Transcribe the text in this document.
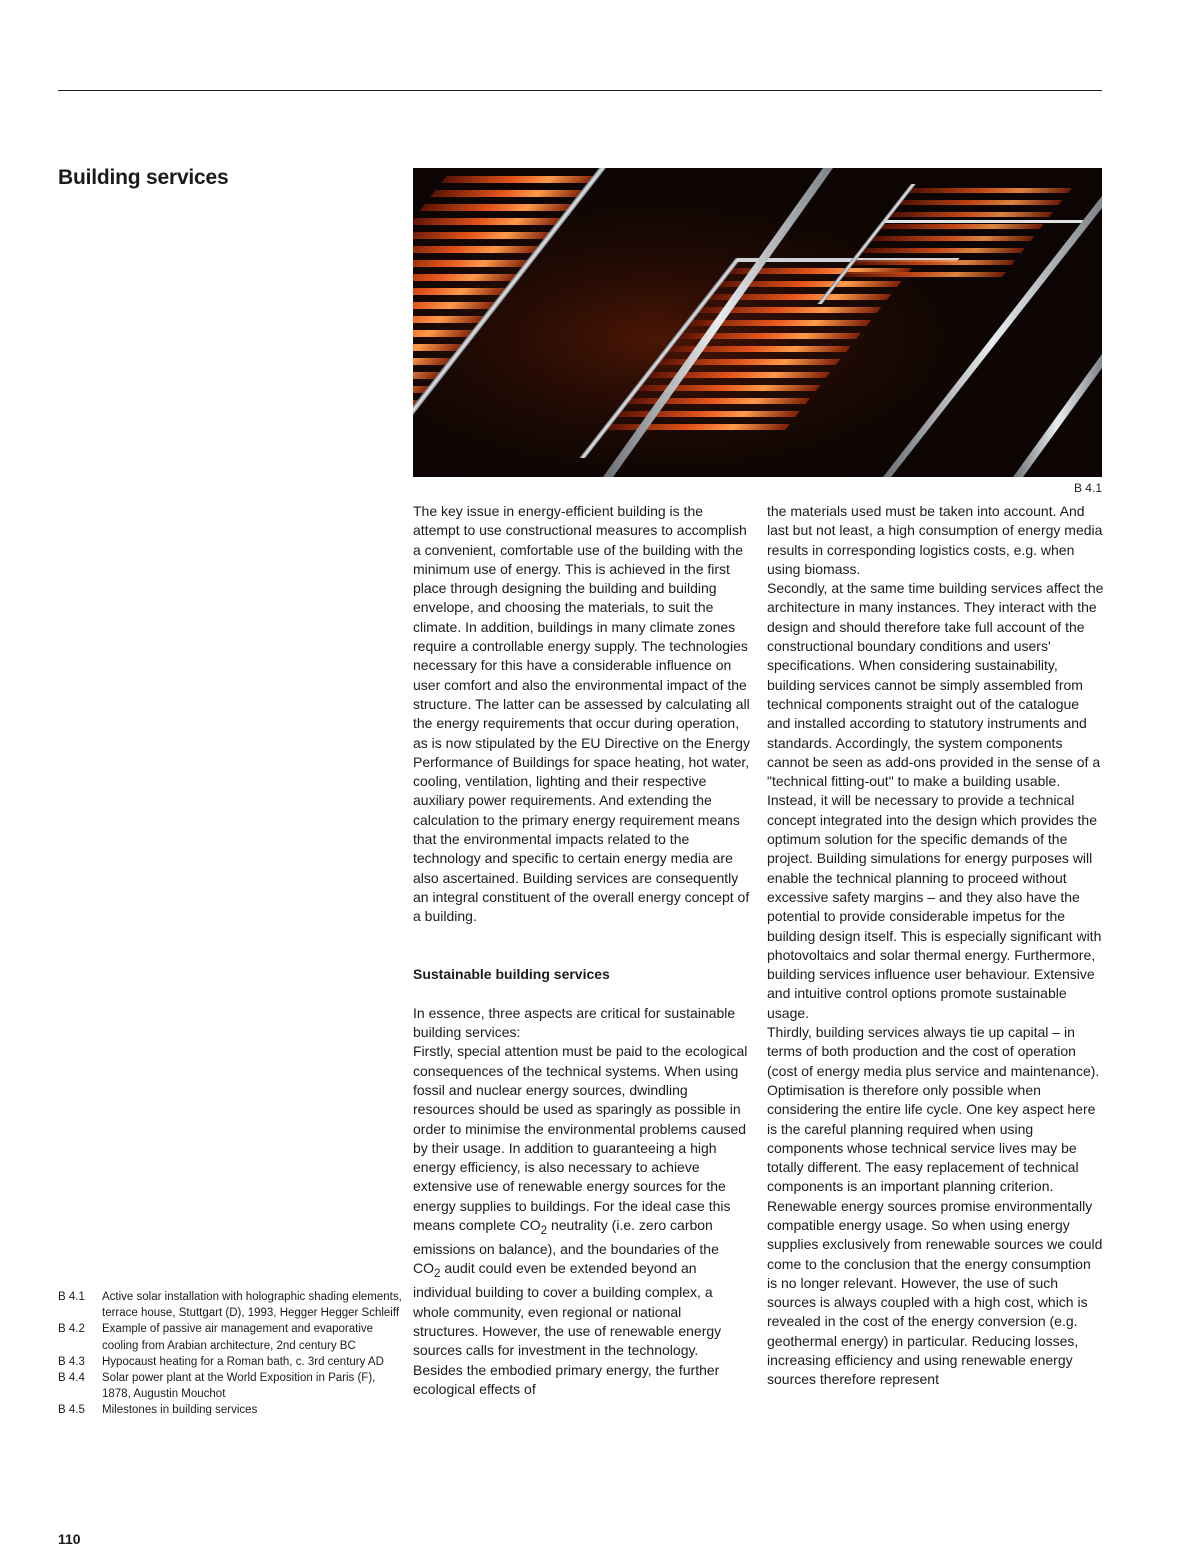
Building services
B 4.1

The key issue in energy-efficient building is the attempt to use constructional measures to accomplish a convenient, comfortable use of the building with the minimum use of energy. This is achieved in the first place through designing the building and building envelope, and choosing the materials, to suit the climate. In addition, buildings in many climate zones require a controllable energy supply. The technologies necessary for this have a considerable influence on user comfort and also the environmental impact of the structure. The latter can be assessed by calculating all the energy requirements that occur during operation, as is now stipulated by the EU Directive on the Energy Performance of Buildings for space heating, hot water, cooling, ventilation, lighting and their respective auxiliary power requirements. And extending the calculation to the primary energy requirement means that the environmental impacts related to the technology and specific to certain energy media are also ascertained. Building services are consequently an integral constituent of the overall energy concept of a building.

Sustainable building services

In essence, three aspects are critical for sustainable building services:

Firstly, special attention must be paid to the ecological consequences of the technical systems. When using fossil and nuclear energy sources, dwindling resources should be used as sparingly as possible in order to minimise the environmental problems caused by their usage. In addition to guaranteeing a high energy efficiency, is also necessary to achieve extensive use of renewable energy sources for the energy supplies to buildings. For the ideal case this means complete $CO_2$ neutrality (i.e. zero carbon emissions on balance), and the boundaries of the $CO_2$ audit could even be extended beyond an individual building to cover a building complex, a whole community, even regional or national structures. However, the use of renewable energy sources calls for investment in the technology. Besides the embodied primary energy, the further ecological effects of

the materials used must be taken into account. And last but not least, a high consumption of energy media results in corresponding logistics costs, e.g. when using biomass.

Secondly, at the same time building services affect the architecture in many instances. They interact with the design and should therefore take full account of the constructional boundary conditions and users' specifications. When considering sustainability, building services cannot be simply assembled from technical components straight out of the catalogue and installed according to statutory instruments and standards. Accordingly, the system components cannot be seen as add-ons provided in the sense of a "technical fitting-out" to make a building usable. Instead, it will be necessary to provide a technical concept integrated into the design which provides the optimum solution for the specific demands of the project. Building simulations for energy purposes will enable the technical planning to proceed without excessive safety margins – and they also have the potential to provide considerable impetus for the building design itself. This is especially significant with photovoltaics and solar thermal energy. Furthermore, building services influence user behaviour. Extensive and intuitive control options promote sustainable usage.

Thirdly, building services always tie up capital – in terms of both production and the cost of operation (cost of energy media plus service and maintenance). Optimisation is therefore only possible when considering the entire life cycle. One key aspect here is the careful planning required when using components whose technical service lives may be totally different. The easy replacement of technical components is an important planning criterion.

Renewable energy sources promise environmentally compatible energy usage. So when using energy supplies exclusively from renewable sources we could come to the conclusion that the energy consumption is no longer relevant. However, the use of such sources is always coupled with a high cost, which is revealed in the cost of the energy conversion (e.g. geothermal energy) in particular. Reducing losses, increasing efficiency and using renewable energy sources therefore represent

B 4.1	Active solar installation with holographic shading elements, terrace house, Stuttgart (D), 1993, Hegger Hegger Schleiff
B 4.2	Example of passive air management and evaporative cooling from Arabian architecture, 2nd century BC
B 4.3	Hypocaust heating for a Roman bath, c. 3rd century AD
B 4.4	Solar power plant at the World Exposition in Paris (F), 1878, Augustin Mouchot
B 4.5	Milestones in building services
110
